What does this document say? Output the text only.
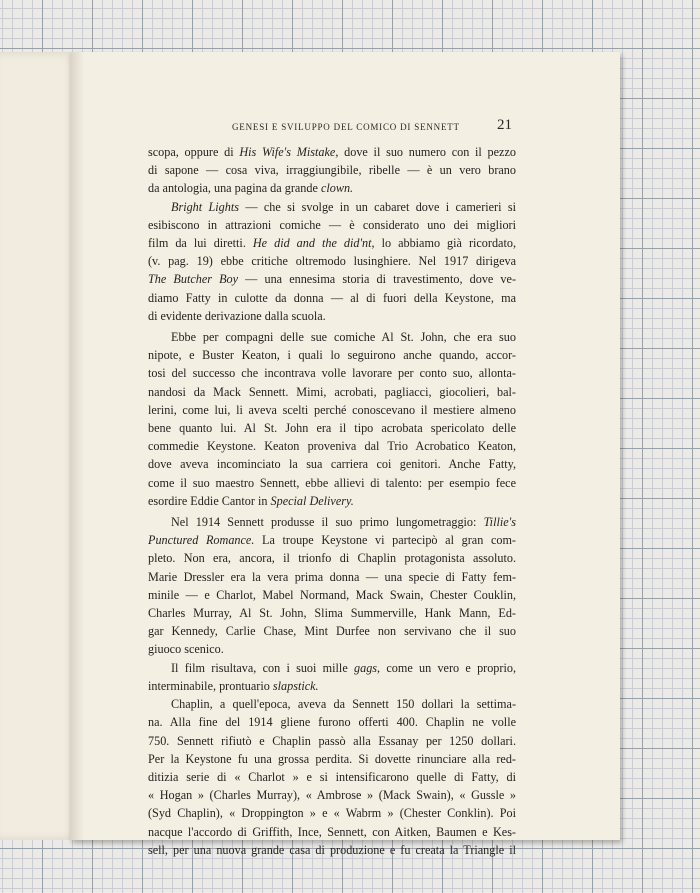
GENESI E SVILUPPO DEL COMICO DI SENNETT 21

scopa, oppure di His Wife's Mistake, dove il suo numero con il pezzo
di sapone — cosa viva, irraggiungibile, ribelle — è un vero brano
da antologia, una pagina da grande clown.

Bright Lights — che si svolge in un cabaret dove i camerieri si
esibiscono in attrazioni comiche — è considerato uno dei migliori
film da lui diretti. He did and the did'nt, lo abbiamo già ricordato,
(v. pag. 19) ebbe critiche oltremodo lusinghiere. Nel 1917 dirigeva
The Butcher Boy — una ennesima storia di travestimento, dove ve-
diamo Fatty in culotte da donna — al di fuori della Keystone, ma
di evidente derivazione dalla scuola.

Ebbe per compagni delle sue comiche Al St. John, che era suo
nipote, e Buster Keaton, i quali lo seguirono anche quando, accor-
tosi del successo che incontrava volle lavorare per conto suo, allonta-
nandosi da Mack Sennett. Mimi, acrobati, pagliacci, giocolieri, bal-
lerini, come lui, li aveva scelti perché conoscevano il mestiere almeno
bene quanto lui. Al St. John era il tipo acrobata spericolato delle
commedie Keystone. Keaton proveniva dal Trio Acrobatico Keaton,
dove aveva incominciato la sua carriera coi genitori. Anche Fatty,
come il suo maestro Sennett, ebbe allievi di talento: per esempio fece
esordire Eddie Cantor in Special Delivery.

Nel 1914 Sennett produsse il suo primo lungometraggio: Tillie's
Punctured Romance. La troupe Keystone vi partecipò al gran com-
pleto. Non era, ancora, il trionfo di Chaplin protagonista assoluto.
Marie Dressler era la vera prima donna — una specie di Fatty fem-
minile — e Charlot, Mabel Normand, Mack Swain, Chester Couklin,
Charles Murray, Al St. John, Slima Summerville, Hank Mann, Ed-
gar Kennedy, Carlie Chase, Mint Durfee non servivano che il suo
giuoco scenico.

Il film risultava, con i suoi mille gags, come un vero e proprio,
interminabile, prontuario slapstick.

Chaplin, a quell'epoca, aveva da Sennett 150 dollari la settima-
na. Alla fine del 1914 gliene furono offerti 400. Chaplin ne volle
750. Sennett rifiutò e Chaplin passò alla Essanay per 1250 dollari.
Per la Keystone fu una grossa perdita. Si dovette rinunciare alla red-
ditizia serie di « Charlot » e si intensificarono quelle di Fatty, di
« Hogan » (Charles Murray), « Ambrose » (Mack Swain), « Gussle »
(Syd Chaplin), « Droppington » e « Wabrm » (Chester Conklin). Poi
nacque l'accordo di Griffith, Ince, Sennett, con Aitken, Baumen e Kes-
sell, per una nuova grande casa di produzione e fu creata la Triangle il
